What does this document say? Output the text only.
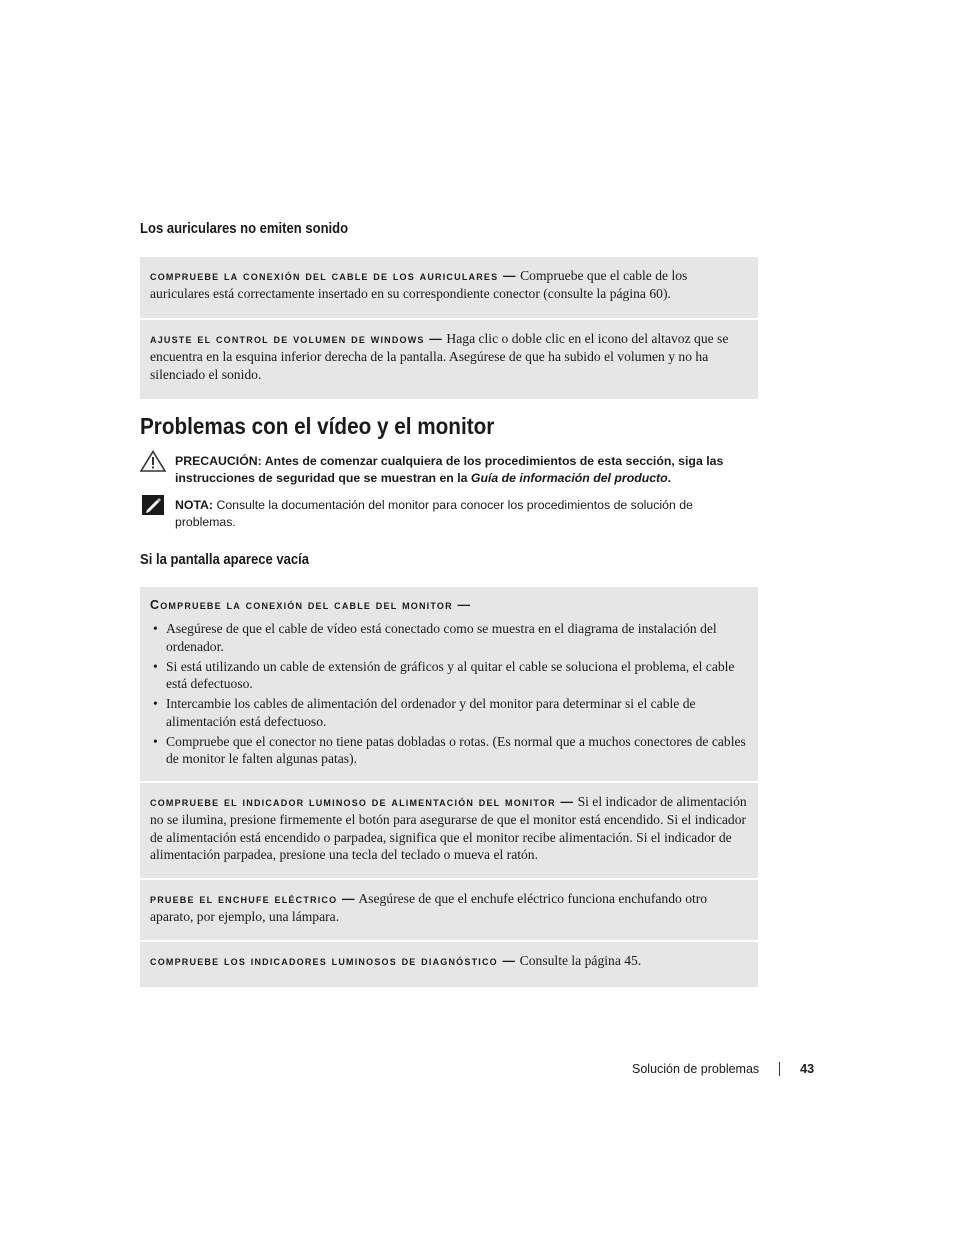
Los auriculares no emiten sonido
compruebe la conexión del cable de los auriculares — Compruebe que el cable de los auriculares está correctamente insertado en su correspondiente conector (consulte la página 60).
ajuste el control de volumen de windows — Haga clic o doble clic en el icono del altavoz que se encuentra en la esquina inferior derecha de la pantalla. Asegúrese de que ha subido el volumen y no ha silenciado el sonido.
Problemas con el vídeo y el monitor
PRECAUCIÓN: Antes de comenzar cualquiera de los procedimientos de esta sección, siga las instrucciones de seguridad que se muestran en la Guía de información del producto.
NOTA: Consulte la documentación del monitor para conocer los procedimientos de solución de problemas.
Si la pantalla aparece vacía
Compruebe la conexión del cable del monitor —
• Asegúrese de que el cable de vídeo está conectado como se muestra en el diagrama de instalación del ordenador.
• Si está utilizando un cable de extensión de gráficos y al quitar el cable se soluciona el problema, el cable está defectuoso.
• Intercambie los cables de alimentación del ordenador y del monitor para determinar si el cable de alimentación está defectuoso.
• Compruebe que el conector no tiene patas dobladas o rotas. (Es normal que a muchos conectores de cables de monitor le falten algunas patas).
compruebe el indicador luminoso de alimentación del monitor — Si el indicador de alimentación no se ilumina, presione firmemente el botón para asegurarse de que el monitor está encendido. Si el indicador de alimentación está encendido o parpadea, significa que el monitor recibe alimentación. Si el indicador de alimentación parpadea, presione una tecla del teclado o mueva el ratón.
pruebe el enchufe eléctrico — Asegúrese de que el enchufe eléctrico funciona enchufando otro aparato, por ejemplo, una lámpara.
compruebe los indicadores luminosos de diagnóstico — Consulte la página 45.
Solución de problemas	43
